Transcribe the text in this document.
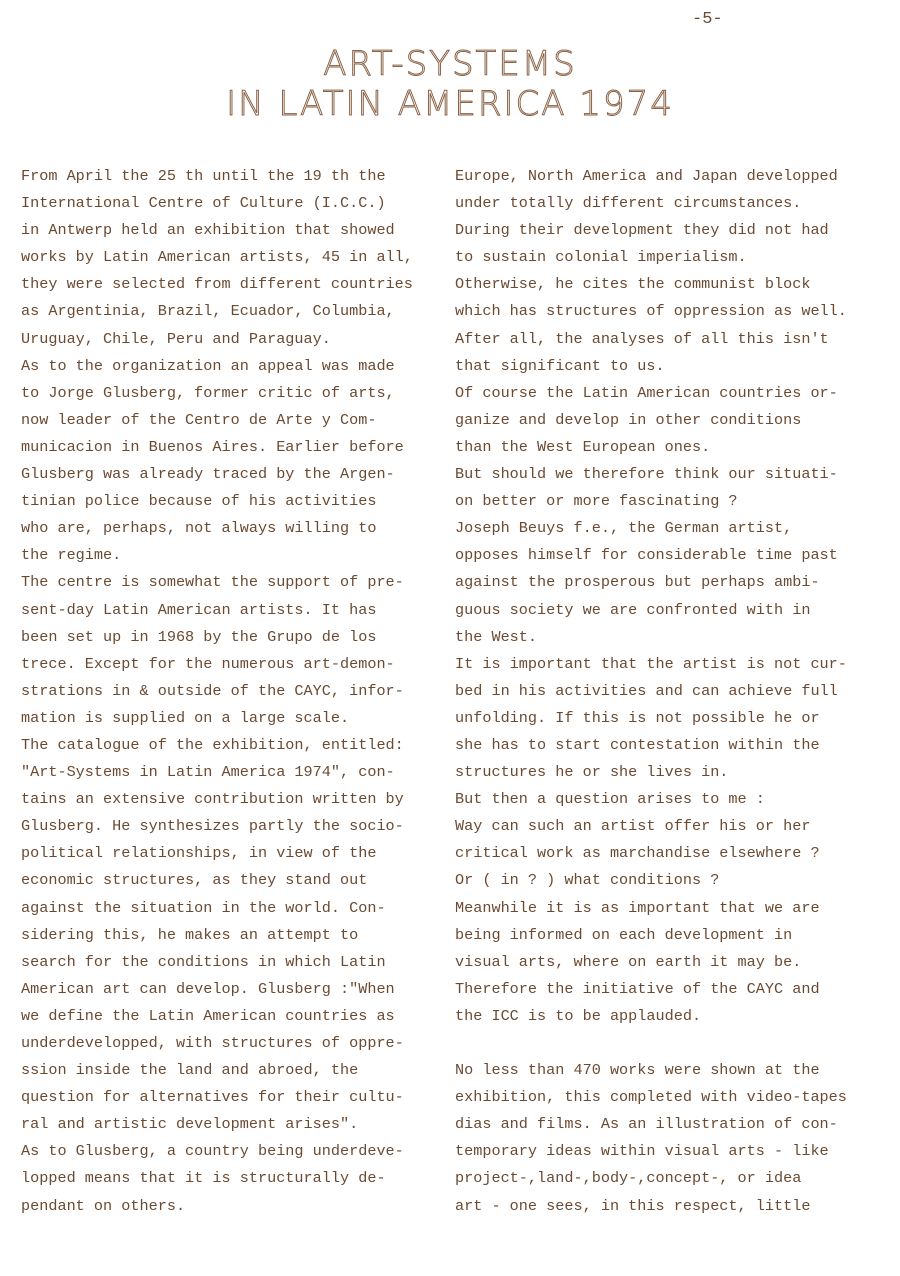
-5-
ART-SYSTEMS
IN LATIN AMERICA 1974
From April the 25 th until the 19 th the
International Centre of Culture (I.C.C.)
in Antwerp held an exhibition that showed
works by Latin American artists, 45 in all,
they were selected from different countries
as Argentinia, Brazil, Ecuador, Columbia,
Uruguay, Chile, Peru and Paraguay.
As to the organization an appeal was made
to Jorge Glusberg, former critic of arts,
now leader of the Centro de Arte y Com-
municacion in Buenos Aires. Earlier before
Glusberg was already traced by the Argen-
tinian police because of his activities
who are, perhaps, not always willing to
the regime.
The centre is somewhat the support of pre-
sent-day Latin American artists. It has
been set up in 1968 by the Grupo de los
trece. Except for the numerous art-demon-
strations in & outside of the CAYC, infor-
mation is supplied on a large scale.
The catalogue of the exhibition, entitled:
"Art-Systems in Latin America 1974", con-
tains an extensive contribution written by
Glusberg. He synthesizes partly the socio-
political relationships, in view of the
economic structures, as they stand out
against the situation in the world. Con-
sidering this, he makes an attempt to
search for the conditions in which Latin
American art can develop. Glusberg :"When
we define the Latin American countries as
underdevelopped, with structures of oppre-
ssion inside the land and abroed, the
question for alternatives for their cultu-
ral and artistic development arises".
As to Glusberg, a country being underdeve-
lopped means that it is structurally de-
pendant on others.
Europe, North America and Japan developped
under totally different circumstances.
During their development they did not had
to sustain colonial imperialism.
Otherwise, he cites the communist block
which has structures of oppression as well.
After all, the analyses of all this isn't
that significant to us.
Of course the Latin American countries or-
ganize and develop in other conditions
than the West European ones.
But should we therefore think our situati-
on better or more fascinating ?
Joseph Beuys f.e., the German artist,
opposes himself for considerable time past
against the prosperous but perhaps ambi-
guous society we are confronted with in
the West.
It is important that the artist is not cur-
bed in his activities and can achieve full
unfolding. If this is not possible he or
she has to start contestation within the
structures he or she lives in.
But then a question arises to me :
Way can such an artist offer his or her
critical work as marchandise elsewhere ?
Or ( in ? ) what conditions ?
Meanwhile it is as important that we are
being informed on each development in
visual arts, where on earth it may be.
Therefore the initiative of the CAYC and
the ICC is to be applauded.
No less than 470 works were shown at the
exhibition, this completed with video-tapes
dias and films. As an illustration of con-
temporary ideas within visual arts - like
project-,land-,body-,concept-, or idea
art - one sees, in this respect, little
